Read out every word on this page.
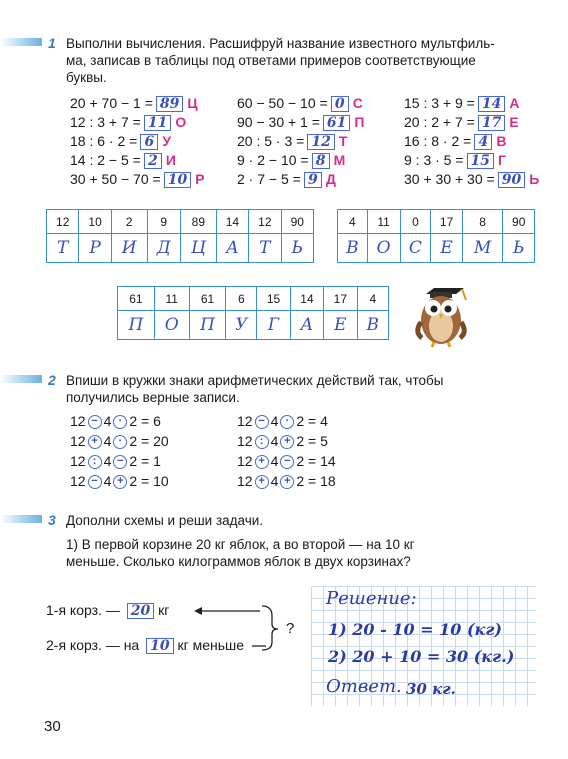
1 Выполни вычисления. Расшифруй название известного мультфиль-
ма, записав в таблицы под ответами примеров соответствующие
буквы.
20 + 70 − 1 = 89 Ц
12 : 3 + 7 = 11 О
18 : 6 · 2 = 6 У
14 : 2 − 5 = 2 И
30 + 50 − 70 = 10 Р
60 − 50 − 10 = 0 С
90 − 30 + 1 = 61 П
20 : 5 · 3 = 12 Т
9 · 2 − 10 = 8 М
2 · 7 − 5 = 9 Д
15 : 3 + 9 = 14 А
20 : 2 + 7 = 17 Е
16 : 8 · 2 = 4 В
9 : 3 · 5 = 15 Г
30 + 30 + 30 = 90 Ь
12	10	2	9	89	14	12	90
Т	Р	И	Д	Ц	А	Т	Ь
4	11	0	17	8	90
В	О	С	Е	М	Ь
61	11	61	6	15	14	17	4
П	О	П	У	Г	А	Е	В
2 Впиши в кружки знаки арифметических действий так, чтобы
получились верные записи.
12 − 4 · 2 = 6
12 + 4 · 2 = 20
12 : 4 − 2 = 1
12 − 4 + 2 = 10
12 − 4 · 2 = 4
12 : 4 + 2 = 5
12 + 4 − 2 = 14
12 + 4 + 2 = 18
3 Дополни схемы и реши задачи.
1) В первой корзине 20 кг яблок, а во второй — на 10 кг
меньше. Сколько килограммов яблок в двух корзинах?
1-я корз. — 20 кг
2-я корз. — на 10 кг меньше
?
Решение:
1) 20 - 10 = 10 (кг)
2) 20 + 10 = 30 (кг.)
Ответ. 30 кг.
30
